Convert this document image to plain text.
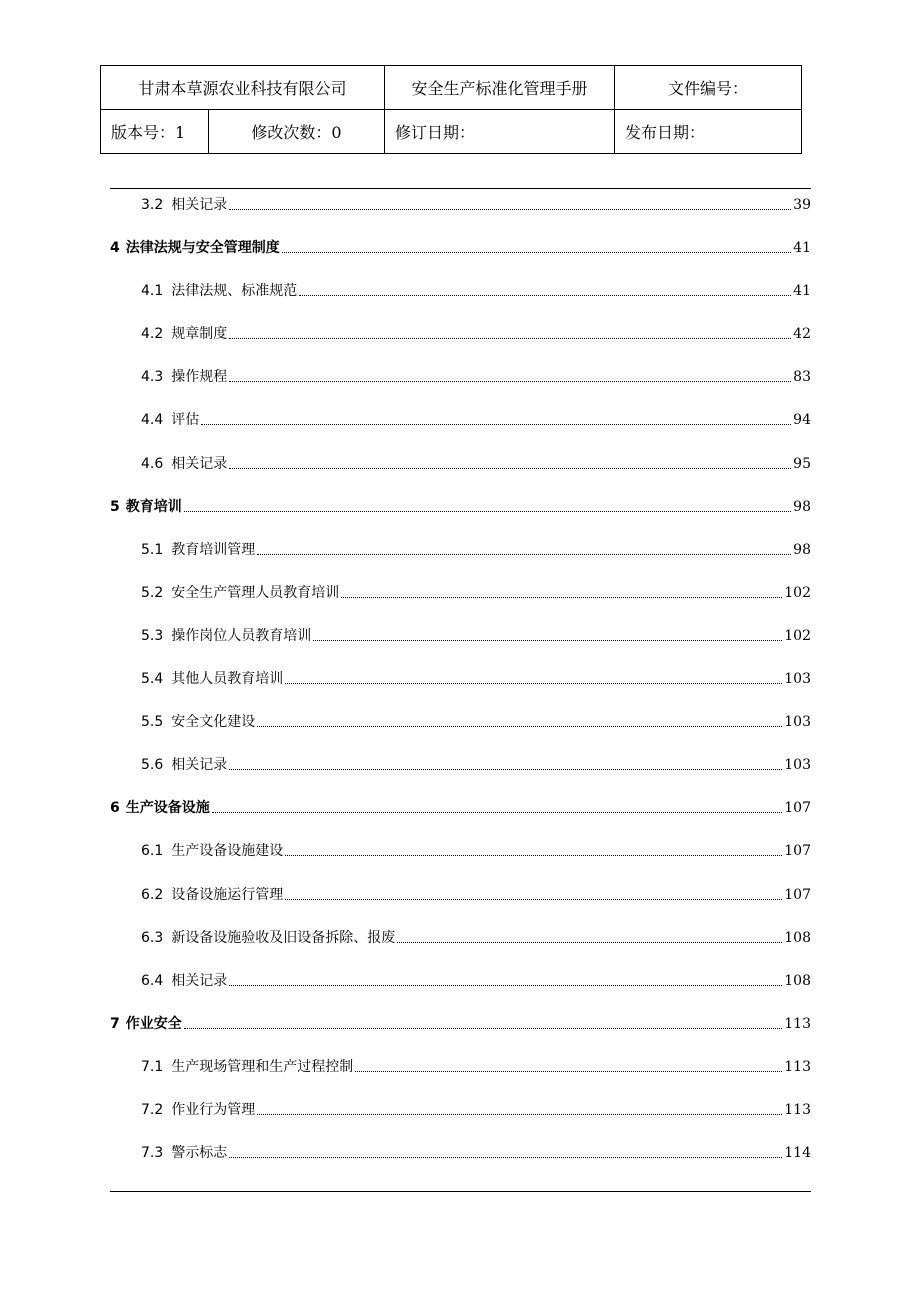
甘肃本草源农业科技有限公司		安全生产标准化管理手册	文件编号：
版本号：1	修改次数：0	修订日期：	发布日期：
3.2 相关记录	39
4 法律法规与安全管理制度	41
4.1 法律法规、标准规范	41
4.2 规章制度	42
4.3 操作规程	83
4.4 评估	94
4.6 相关记录	95
5 教育培训	98
5.1 教育培训管理	98
5.2 安全生产管理人员教育培训	102
5.3 操作岗位人员教育培训	102
5.4 其他人员教育培训	103
5.5 安全文化建设	103
5.6 相关记录	103
6 生产设备设施	107
6.1 生产设备设施建设	107
6.2 设备设施运行管理	107
6.3 新设备设施验收及旧设备拆除、报废	108
6.4 相关记录	108
7 作业安全	113
7.1 生产现场管理和生产过程控制	113
7.2 作业行为管理	113
7.3 警示标志	114
